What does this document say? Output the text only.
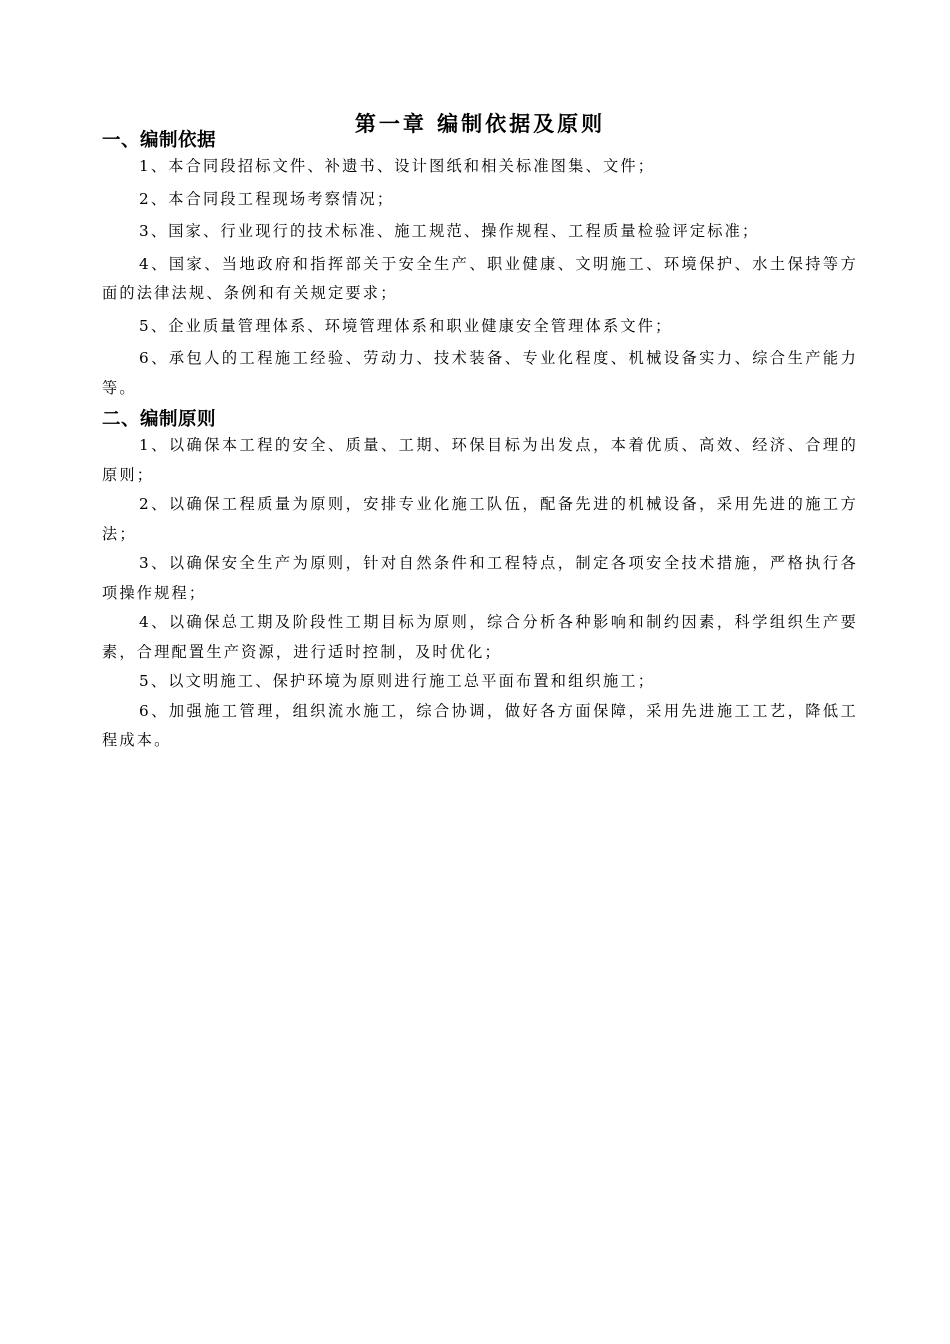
第一章 编制依据及原则
一、编制依据

1、本合同段招标文件、补遗书、设计图纸和相关标准图集、文件；

2、本合同段工程现场考察情况；

3、国家、行业现行的技术标准、施工规范、操作规程、工程质量检验评定标准；

4、国家、当地政府和指挥部关于安全生产、职业健康、文明施工、环境保护、水土保持等方面的法律法规、条例和有关规定要求；

5、企业质量管理体系、环境管理体系和职业健康安全管理体系文件；

6、承包人的工程施工经验、劳动力、技术装备、专业化程度、机械设备实力、综合生产能力等。

二、编制原则

1、以确保本工程的安全、质量、工期、环保目标为出发点，本着优质、高效、经济、合理的原则；

2、以确保工程质量为原则，安排专业化施工队伍，配备先进的机械设备，采用先进的施工方法；

3、以确保安全生产为原则，针对自然条件和工程特点，制定各项安全技术措施，严格执行各项操作规程；

4、以确保总工期及阶段性工期目标为原则，综合分析各种影响和制约因素，科学组织生产要素，合理配置生产资源，进行适时控制，及时优化；

5、以文明施工、保护环境为原则进行施工总平面布置和组织施工；

6、加强施工管理，组织流水施工，综合协调，做好各方面保障，采用先进施工工艺，降低工程成本。
